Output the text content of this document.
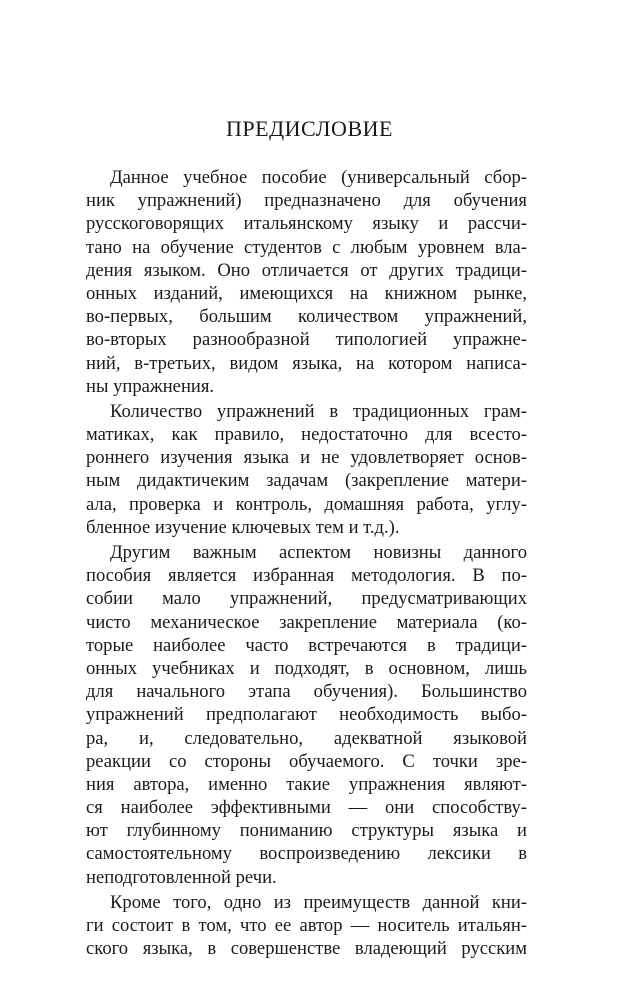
ПРЕДИСЛОВИЕ
Данное учебное пособие (универсальный сбор-
ник упражнений) предназначено для обучения
русскоговорящих итальянскому языку и рассчи-
тано на обучение студентов с любым уровнем вла-
дения языком. Оно отличается от других традици-
онных изданий, имеющихся на книжном рынке,
во-первых, большим количеством упражнений,
во-вторых разнообразной типологией упражне-
ний, в-третьих, видом языка, на котором написа-
ны упражнения.
Количество упражнений в традиционных грам-
матиках, как правило, недостаточно для всесто-
роннего изучения языка и не удовлетворяет основ-
ным дидактичеким задачам (закрепление матери-
ала, проверка и контроль, домашняя работа, углу-
бленное изучение ключевых тем и т.д.).
Другим важным аспектом новизны данного
пособия является избранная методология. В по-
собии мало упражнений, предусматривающих
чисто механическое закрепление материала (ко-
торые наиболее часто встречаются в традици-
онных учебниках и подходят, в основном, лишь
для начального этапа обучения). Большинство
упражнений предполагают необходимость выбо-
ра, и, следовательно, адекватной языковой
реакции со стороны обучаемого. С точки зре-
ния автора, именно такие упражнения являют-
ся наиболее эффективными — они способству-
ют глубинному пониманию структуры языка и
самостоятельному воспроизведению лексики в
неподготовленной речи.
Кроме того, одно из преимуществ данной кни-
ги состоит в том, что ее автор — носитель итальян-
ского языка, в совершенстве владеющий русским
